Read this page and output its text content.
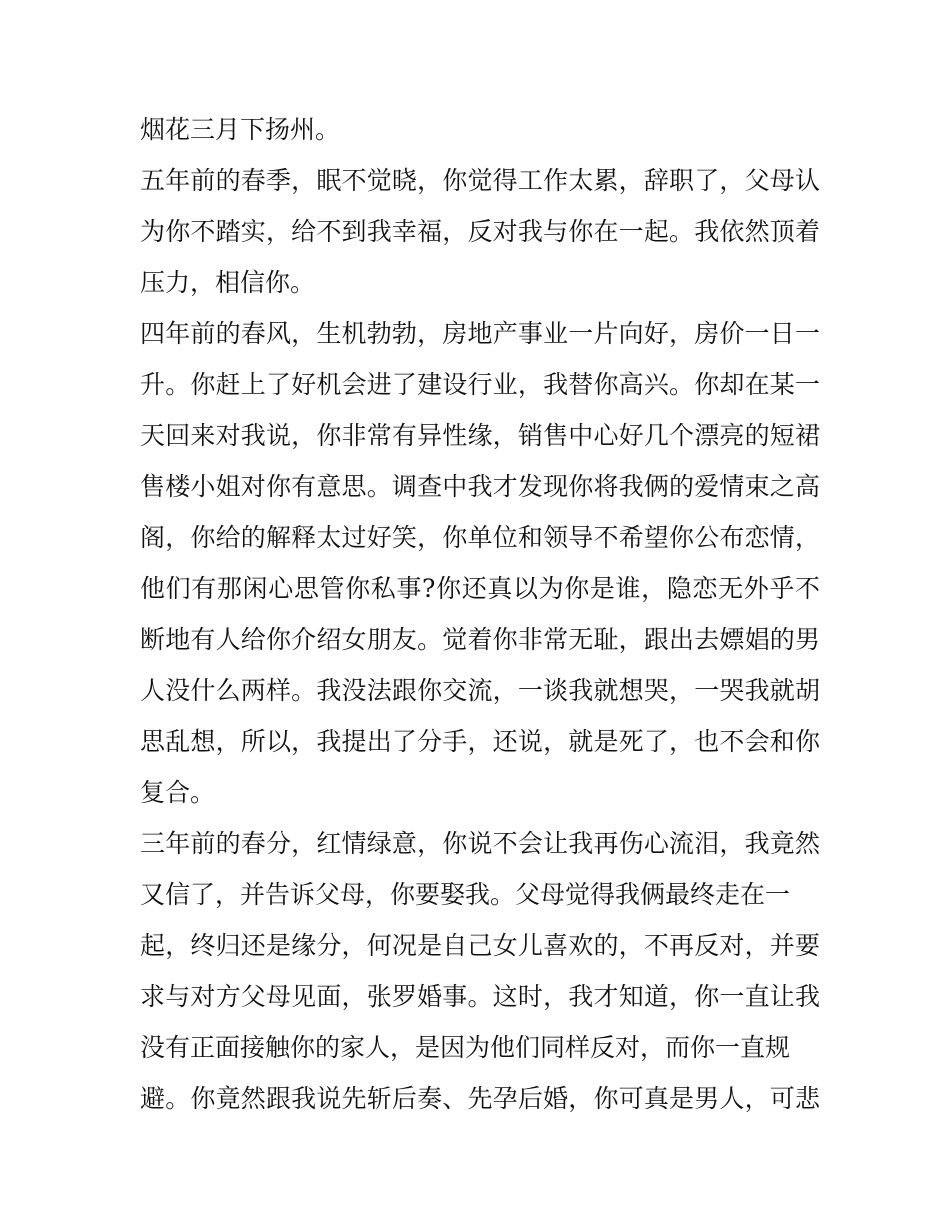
烟花三月下扬州。
五年前的春季，眠不觉晓，你觉得工作太累，辞职了，父母认
为你不踏实，给不到我幸福，反对我与你在一起。我依然顶着
压力，相信你。
四年前的春风，生机勃勃，房地产事业一片向好，房价一日一
升。你赶上了好机会进了建设行业，我替你高兴。你却在某一
天回来对我说，你非常有异性缘，销售中心好几个漂亮的短裙
售楼小姐对你有意思。调查中我才发现你将我俩的爱情束之高
阁，你给的解释太过好笑，你单位和领导不希望你公布恋情，
他们有那闲心思管你私事?你还真以为你是谁，隐恋无外乎不
断地有人给你介绍女朋友。觉着你非常无耻，跟出去嫖娼的男
人没什么两样。我没法跟你交流，一谈我就想哭，一哭我就胡
思乱想，所以，我提出了分手，还说，就是死了，也不会和你
复合。
三年前的春分，红情绿意，你说不会让我再伤心流泪，我竟然
又信了，并告诉父母，你要娶我。父母觉得我俩最终走在一
起，终归还是缘分，何况是自己女儿喜欢的，不再反对，并要
求与对方父母见面，张罗婚事。这时，我才知道，你一直让我
没有正面接触你的家人，是因为他们同样反对，而你一直规
避。你竟然跟我说先斩后奏、先孕后婚，你可真是男人，可悲
